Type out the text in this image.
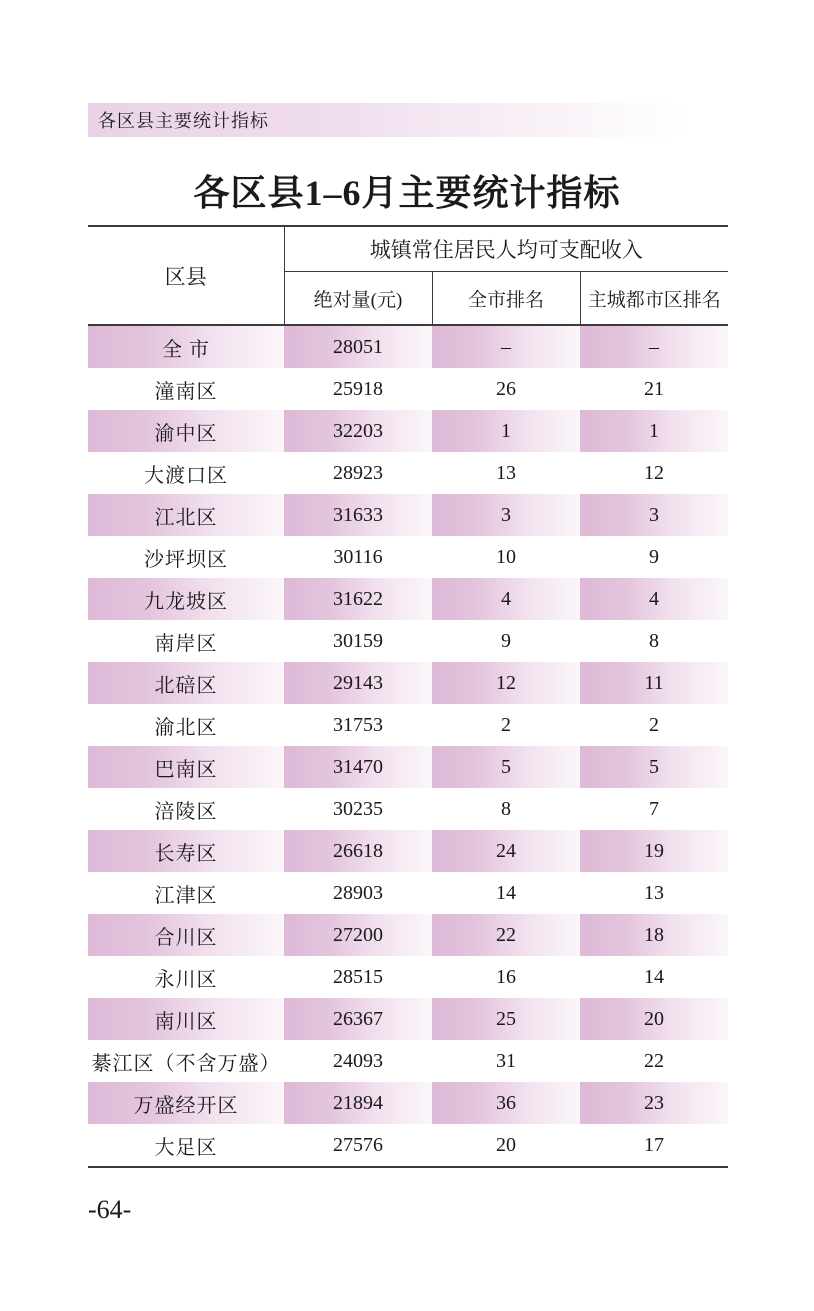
各区县主要统计指标
各区县1–6月主要统计指标
区县	城镇常住居民人均可支配收入		
	绝对量(元)	全市排名	主城都市区排名
全 市	28051	–	–
潼南区	25918	26	21
渝中区	32203	1	1
大渡口区	28923	13	12
江北区	31633	3	3
沙坪坝区	30116	10	9
九龙坡区	31622	4	4
南岸区	30159	9	8
北碚区	29143	12	11
渝北区	31753	2	2
巴南区	31470	5	5
涪陵区	30235	8	7
长寿区	26618	24	19
江津区	28903	14	13
合川区	27200	22	18
永川区	28515	16	14
南川区	26367	25	20
綦江区（不含万盛）	24093	31	22
万盛经开区	21894	36	23
大足区	27576	20	17
-64-
